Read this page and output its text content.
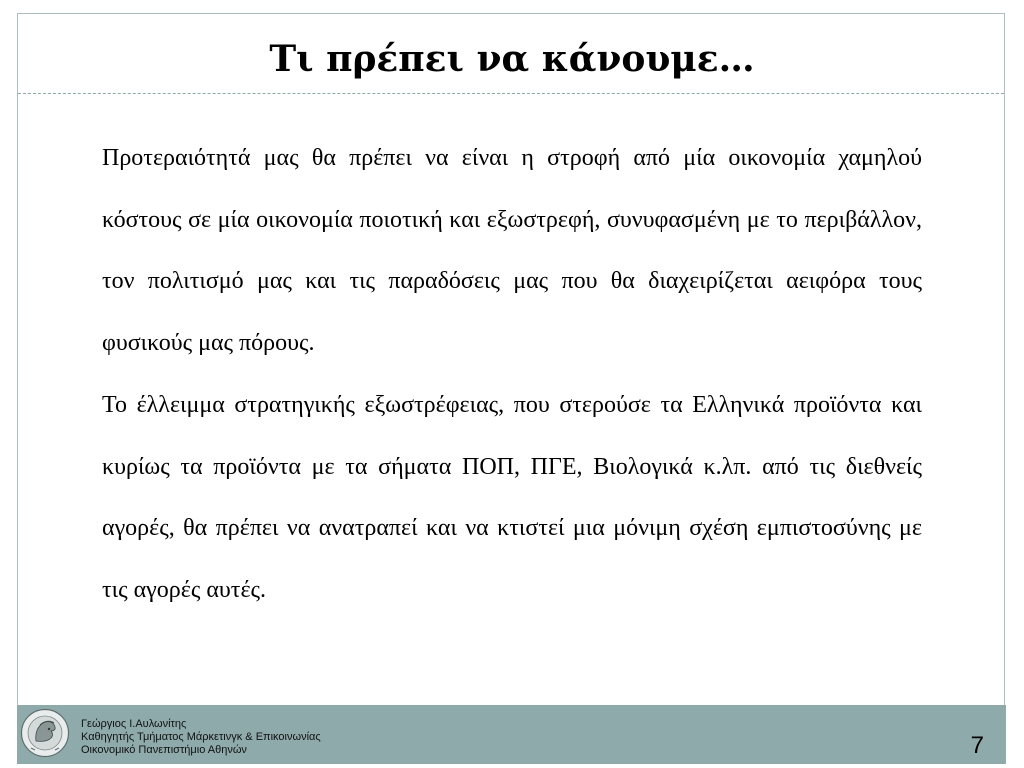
Τι πρέπει να κάνουμε…

Προτεραιότητά μας θα πρέπει να είναι η στροφή από μία οικονομία χαμηλού κόστους σε μία οικονομία ποιοτική και εξωστρεφή, συνυφασμένη με το περιβάλλον, τον πολιτισμό μας και τις παραδόσεις μας που θα διαχειρίζεται αειφόρα τους φυσικούς μας πόρους.

Το έλλειμμα στρατηγικής εξωστρέφειας, που στερούσε τα Ελληνικά προϊόντα και κυρίως τα προϊόντα με τα σήματα ΠΟΠ, ΠΓΕ, Βιολογικά κ.λπ. από τις διεθνείς αγορές, θα πρέπει να ανατραπεί και να κτιστεί μια μόνιμη σχέση εμπιστοσύνης με τις αγορές αυτές.

Γεώργιος Ι.Αυλωνίτης
Καθηγητής Τμήματος Μάρκετινγκ & Επικοινωνίας
Οικονομικό Πανεπιστήμιο Αθηνών	7
